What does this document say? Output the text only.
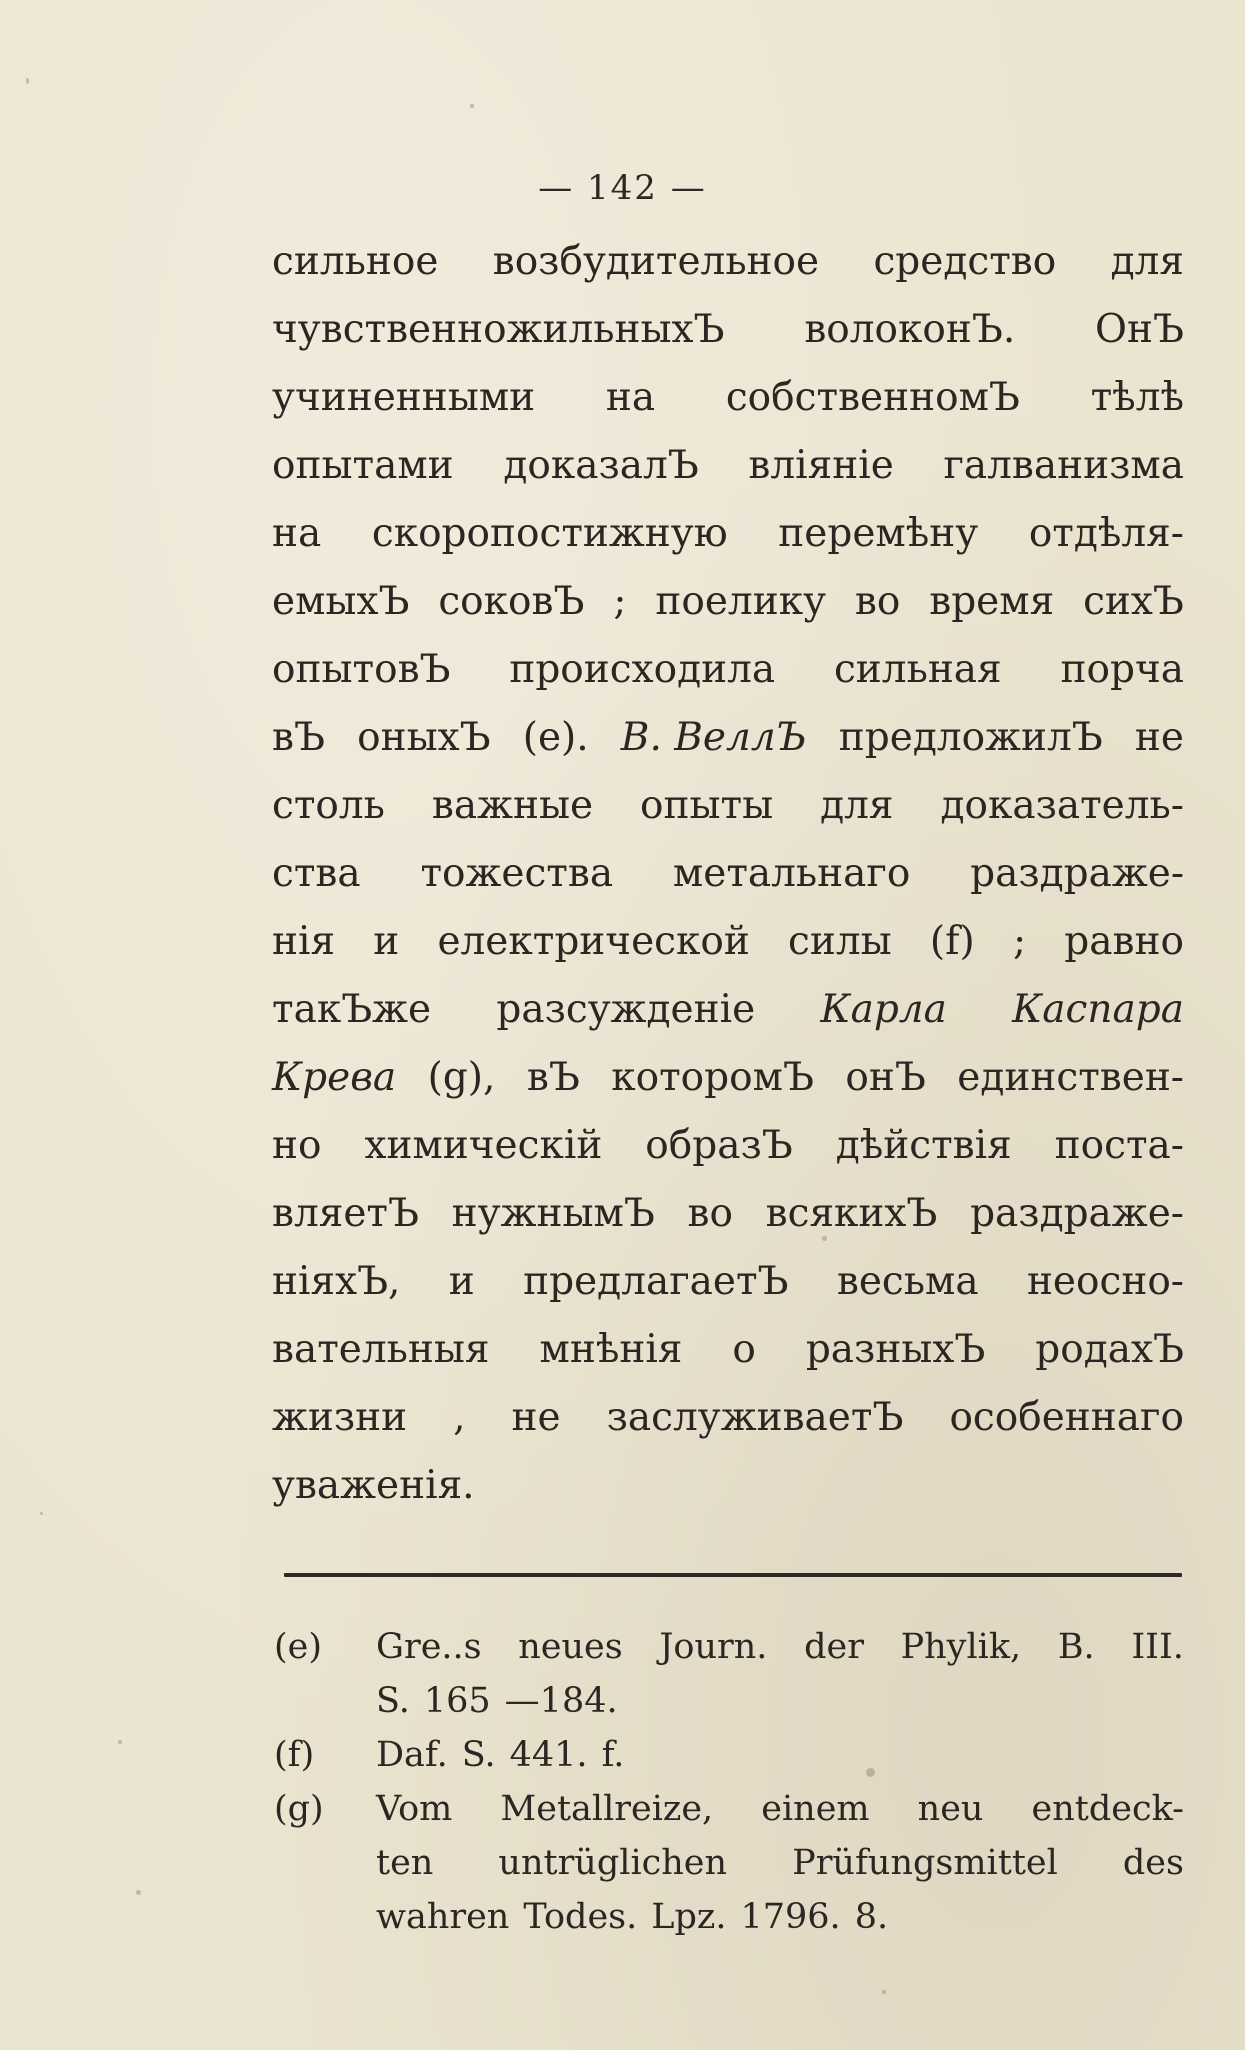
— 142 —
сильное возбудительное средство для
чувственножильныхЪ волоконЪ. ОнЪ
учиненными на собственномЪ тѣлѣ
опытами доказалЪ вліяніе галванизма
на скоропостижную перемѣну отдѣля-
емыхЪ соковЪ ; поелику во время сихЪ
опытовЪ происходила сильная порча
вЪ оныхЪ (e). В. ВеллЪ предложилЪ не
столь важные опыты для доказатель-
ства тожества метальнаго раздраже-
нія и електрической силы (f) ; равно
такЪже разсужденіе Карла Каспара
Крева (g), вЪ которомЪ онЪ единствен-
но химическій образЪ дѣйствія поста-
вляетЪ нужнымЪ во всякихЪ раздраже-
ніяхЪ, и предлагаетЪ весьма неосно-
вательныя мнѣнія о разныхЪ родахЪ
жизни , не заслуживаетЪ особеннаго
уваженія.
(e) Gre..s neues Journ. der Phylik, B. III.
S. 165 —184.
(f) Daf. S. 441. f.
(g) Vom Metallreize, einem neu entdeck-
ten untrüglichen Prüfungsmittel des
wahren Todes. Lpz. 1796. 8.
